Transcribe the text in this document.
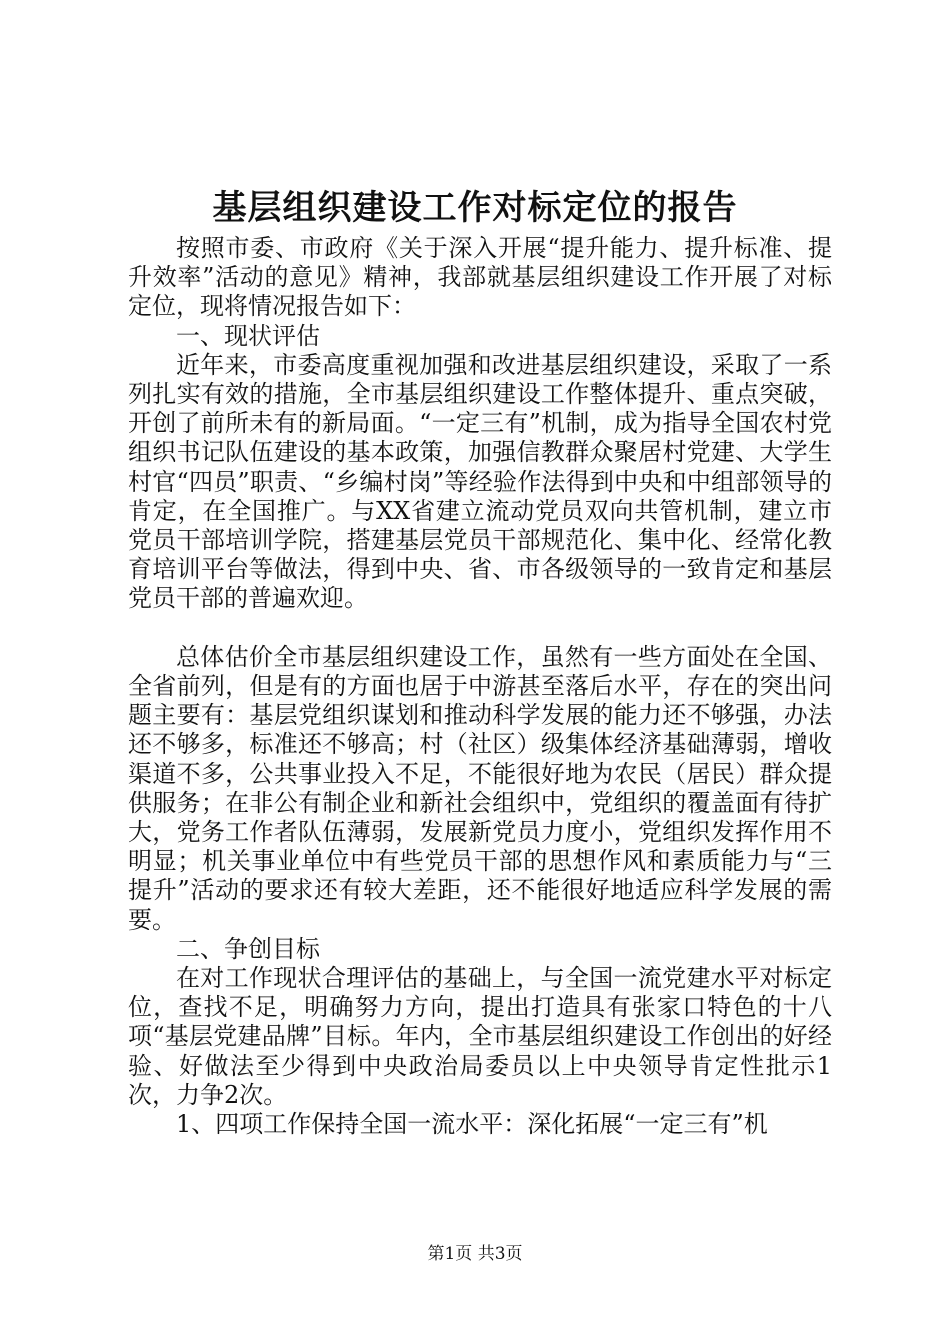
基层组织建设工作对标定位的报告

按照市委、市政府《关于深入开展“提升能力、提升标准、提升效率”活动的意见》精神，我部就基层组织建设工作开展了对标定位，现将情况报告如下：

一、现状评估

近年来，市委高度重视加强和改进基层组织建设，采取了一系列扎实有效的措施，全市基层组织建设工作整体提升、重点突破，开创了前所未有的新局面。“一定三有”机制，成为指导全国农村党组织书记队伍建设的基本政策，加强信教群众聚居村党建、大学生村官“四员”职责、“乡编村岗”等经验作法得到中央和中组部领导的肯定，在全国推广。与XX省建立流动党员双向共管机制，建立市党员干部培训学院，搭建基层党员干部规范化、集中化、经常化教育培训平台等做法，得到中央、省、市各级领导的一致肯定和基层党员干部的普遍欢迎。

总体估价全市基层组织建设工作，虽然有一些方面处在全国、全省前列，但是有的方面也居于中游甚至落后水平，存在的突出问题主要有：基层党组织谋划和推动科学发展的能力还不够强，办法还不够多，标准还不够高；村（社区）级集体经济基础薄弱，增收渠道不多，公共事业投入不足，不能很好地为农民（居民）群众提供服务；在非公有制企业和新社会组织中，党组织的覆盖面有待扩大，党务工作者队伍薄弱，发展新党员力度小，党组织发挥作用不明显；机关事业单位中有些党员干部的思想作风和素质能力与“三提升”活动的要求还有较大差距，还不能很好地适应科学发展的需要。

二、争创目标

在对工作现状合理评估的基础上，与全国一流党建水平对标定位，查找不足，明确努力方向，提出打造具有张家口特色的十八项“基层党建品牌”目标。年内，全市基层组织建设工作创出的好经验、好做法至少得到中央政治局委员以上中央领导肯定性批示1次，力争2次。

1、四项工作保持全国一流水平：深化拓展“一定三有”机

第1页 共3页
